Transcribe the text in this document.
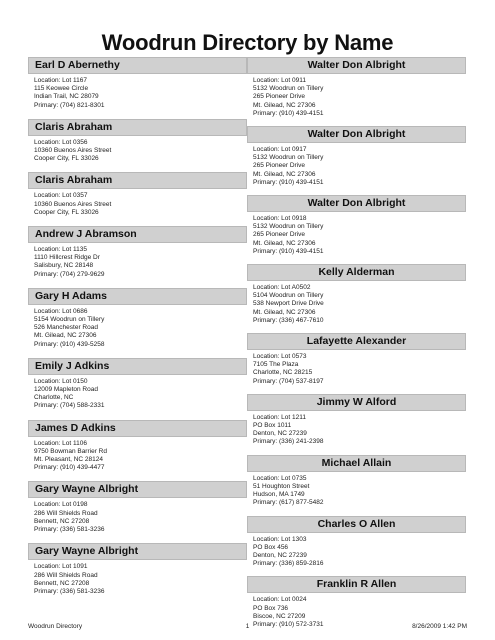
Woodrun Directory by Name
Earl D Abernethy
Location: Lot 1167
115 Keowee Circle
Indian Trail, NC 28079
Primary: (704) 821-8301
Claris Abraham
Location: Lot 0356
10360 Buenos Aires Street
Cooper City, FL 33026
Claris Abraham
Location: Lot 0357
10360 Buenos Aires Street
Cooper City, FL 33026
Andrew J Abramson
Location: Lot 1135
1110 Hillcrest Ridge Dr
Salisbury, NC 28148
Primary: (704) 279-9629
Gary H Adams
Location: Lot 0686
5154 Woodrun on Tillery
526 Manchester Road
Mt. Gilead, NC 27306
Primary: (910) 439-5258
Emily J Adkins
Location: Lot 0150
12009 Mapleton Road
Charlotte, NC
Primary: (704) 588-2331
James D Adkins
Location: Lot 1106
9750 Bowman Barrier Rd
Mt. Pleasant, NC 28124
Primary: (910) 439-4477
Gary Wayne Albright
Location: Lot 0198
286 Will Shields Road
Bennett, NC 27208
Primary: (336) 581-3236
Gary Wayne Albright
Location: Lot 1091
286 Will Shields Road
Bennett, NC 27208
Primary: (336) 581-3236
Walter Don Albright
Location: Lot 0911
5132 Woodrun on Tillery
265 Pioneer Drive
Mt. Gilead, NC 27306
Primary: (910) 439-4151
Walter Don Albright
Location: Lot 0917
5132 Woodrun on Tillery
265 Pioneer Drive
Mt. Gilead, NC 27306
Primary: (910) 439-4151
Walter Don Albright
Location: Lot 0918
5132 Woodrun on Tillery
265 Pioneer Drive
Mt. Gilead, NC 27306
Primary: (910) 439-4151
Kelly Alderman
Location: Lot A0502
5104 Woodrun on Tillery
538 Newport Drive Drive
Mt. Gilead, NC 27306
Primary: (336) 467-7610
Lafayette Alexander
Location: Lot 0573
7105 The Plaza
Charlotte, NC 28215
Primary: (704) 537-8197
Jimmy W Alford
Location: Lot 1211
PO Box 1011
Denton, NC 27239
Primary: (336) 241-2398
Michael Allain
Location: Lot 0735
51 Houghton Street
Hudson, MA 1749
Primary: (617) 877-5482
Charles O Allen
Location: Lot 1303
PO Box 456
Denton, NC 27239
Primary: (336) 859-2816
Franklin R Allen
Location: Lot 0024
PO Box 736
Biscoe, NC 27209
Primary: (910) 572-3731
Woodrun Directory	1	8/26/2009 1:42 PM
